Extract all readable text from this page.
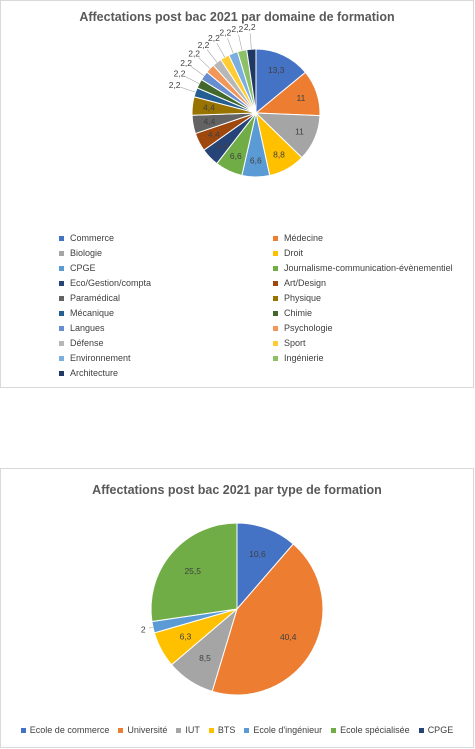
Affectations post bac 2021 par domaine de formation
13,3
11
11
8,8
6,6
6,6
4,4
4,4
4,4
4,4
2,2
2,2
2,2
2,2
2,2
2,2
2,2 2,2 2,2
Commerce	Médecine
Biologie	Droit
CPGE	Journalisme-communication-évènementiel
Eco/Gestion/compta	Art/Design
Paramédical	Physique
Mécanique	Chimie
Langues	Psychologie
Défense	Sport
Environnement	Ingénierie
Architecture
Affectations post bac 2021 par type de formation
10,6
40,4
8,5
6,3
2
25,5
Ecole de commerce Université IUT BTS Ecole d'ingénieur Ecole spécialisée CPGE
